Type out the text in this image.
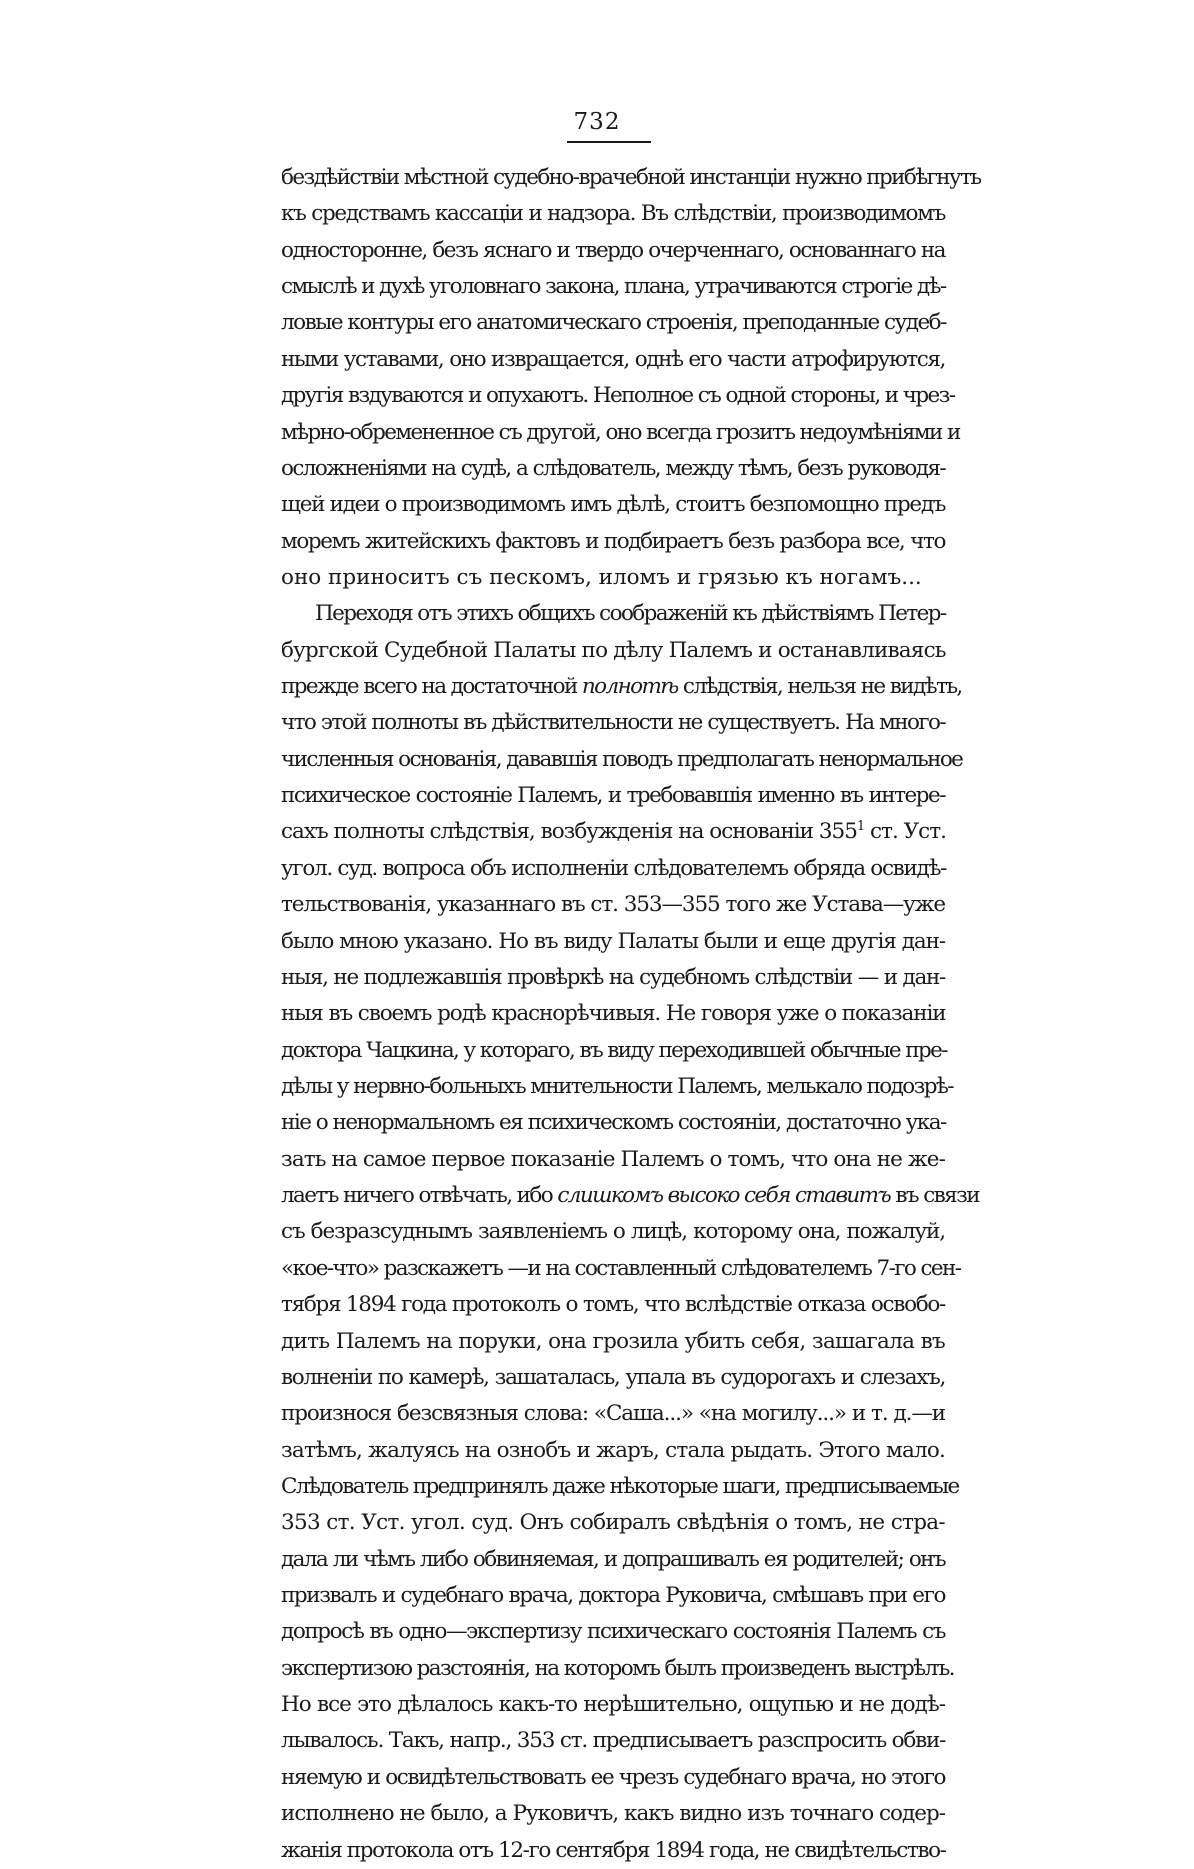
732
бездѣйствіи мѣстной судебно-врачебной инстанціи нужно прибѣгнуть
къ средствамъ кассаціи и надзора. Въ слѣдствіи, производимомъ
односторонне, безъ яснаго и твердо очерченнаго, основаннаго на
смыслѣ и духѣ уголовнаго закона, плана, утрачиваются строгіе дѣ-
ловые контуры его анатомическаго строенія, преподанные судеб-
ными уставами, оно извращается, однѣ его части атрофируются,
другія вздуваются и опухаютъ. Неполное съ одной стороны, и чрез-
мѣрно-обремененное съ другой, оно всегда грозитъ недоумѣніями и
осложненіями на судѣ, а слѣдователь, между тѣмъ, безъ руководя-
щей идеи о производимомъ имъ дѣлѣ, стоитъ безпомощно предъ
моремъ житейскихъ фактовъ и подбираетъ безъ разбора все, что
оно приноситъ съ пескомъ, иломъ и грязью къ ногамъ...
Переходя отъ этихъ общихъ соображеній къ дѣйствіямъ Петер-
бургской Судебной Палаты по дѣлу Палемъ и останавливаясь
прежде всего на достаточной полнотѣ слѣдствія, нельзя не видѣть,
что этой полноты въ дѣйствительности не существуетъ. На много-
численныя основанія, дававшія поводъ предполагать ненормальное
психическое состояніе Палемъ, и требовавшія именно въ интере-
сахъ полноты слѣдствія, возбужденія на основаніи $355^1$ ст. Уст.
угол. суд. вопроса объ исполненіи слѣдователемъ обряда освидѣ-
тельствованія, указаннаго въ ст. 353—355 того же Устава—уже
было мною указано. Но въ виду Палаты были и еще другія дан-
ныя, не подлежавшія провѣркѣ на судебномъ слѣдствіи — и дан-
ныя въ своемъ родѣ краснорѣчивыя. Не говоря уже о показаніи
доктора Чацкина, у котораго, въ виду переходившей обычные пре-
дѣлы у нервно-больныхъ мнительности Палемъ, мелькало подозрѣ-
ніе о ненормальномъ ея психическомъ состояніи, достаточно ука-
зать на самое первое показаніе Палемъ о томъ, что она не же-
лаетъ ничего отвѣчать, ибо слишкомъ высоко себя ставитъ въ связи
съ безразсуднымъ заявленіемъ о лицѣ, которому она, пожалуй,
«кое-что» разскажетъ —и на составленный слѣдователемъ 7-го сен-
тября 1894 года протоколъ о томъ, что вслѣдствіе отказа освобо-
дить Палемъ на поруки, она грозила убить себя, зашагала въ
волненіи по камерѣ, зашаталась, упала въ судорогахъ и слезахъ,
произнося безсвязныя слова: «Саша...» «на могилу...» и т. д.—и
затѣмъ, жалуясь на ознобъ и жаръ, стала рыдать. Этого мало.
Слѣдователь предпринялъ даже нѣкоторые шаги, предписываемые
353 ст. Уст. угол. суд. Онъ собиралъ свѣдѣнія о томъ, не стра-
дала ли чѣмъ либо обвиняемая, и допрашивалъ ея родителей; онъ
призвалъ и судебнаго врача, доктора Руковича, смѣшавъ при его
допросѣ въ одно—экспертизу психическаго состоянія Палемъ съ
экспертизою разстоянія, на которомъ былъ произведенъ выстрѣлъ.
Но все это дѣлалось какъ-то нерѣшительно, ощупью и не додѣ-
лывалось. Такъ, напр., 353 ст. предписываетъ разспросить обви-
няемую и освидѣтельствовать ее чрезъ судебнаго врача, но этого
исполнено не было, а Руковичъ, какъ видно изъ точнаго содер-
жанія протокола отъ 12-го сентября 1894 года, не свидѣтельство-
